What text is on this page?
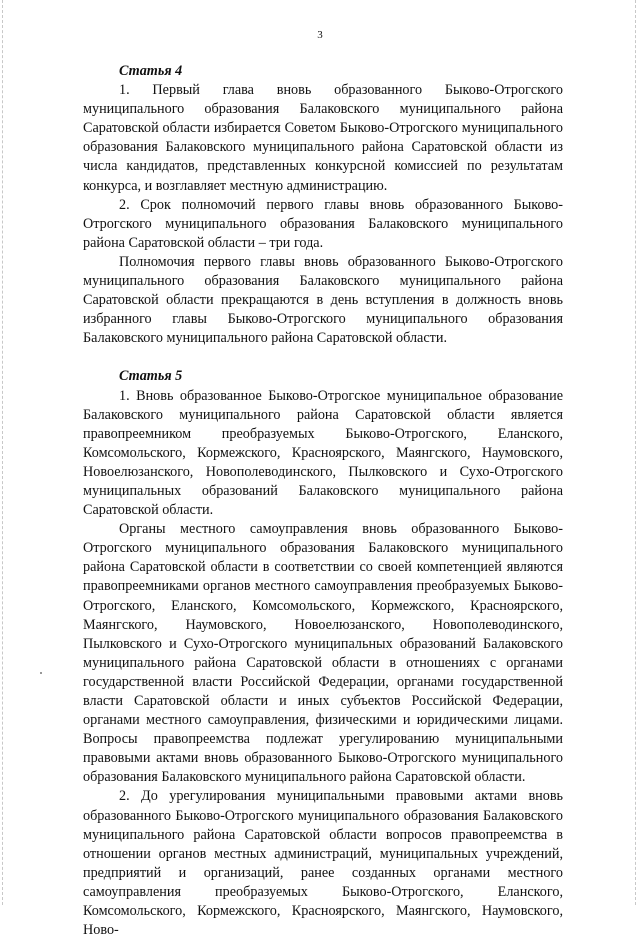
3

Статья 4

1. Первый глава вновь образованного Быково-Отрогского муниципального образования Балаковского муниципального района Саратовской области избирается Советом Быково-Отрогского муниципального образования Балаковского муниципального района Саратовской области из числа кандидатов, представленных конкурсной комиссией по результатам конкурса, и возглавляет местную администрацию.

2. Срок полномочий первого главы вновь образованного Быково-Отрогского муниципального образования Балаковского муниципального района Саратовской области – три года.

Полномочия первого главы вновь образованного Быково-Отрогского муниципального образования Балаковского муниципального района Саратовской области прекращаются в день вступления в должность вновь избранного главы Быково-Отрогского муниципального образования Балаковского муниципального района Саратовской области.

Статья 5

1. Вновь образованное Быково-Отрогское муниципальное образование Балаковского муниципального района Саратовской области является правопреемником преобразуемых Быково-Отрогского, Еланского, Комсомольского, Кормежского, Красноярского, Маянгского, Наумовского, Новоелюзанского, Новополеводинского, Пылковского и Сухо-Отрогского муниципальных образований Балаковского муниципального района Саратовской области.

Органы местного самоуправления вновь образованного Быково-Отрогского муниципального образования Балаковского муниципального района Саратовской области в соответствии со своей компетенцией являются правопреемниками органов местного самоуправления преобразуемых Быково-Отрогского, Еланского, Комсомольского, Кормежского, Красноярского, Маянгского, Наумовского, Новоелюзанского, Новополеводинского, Пылковского и Сухо-Отрогского муниципальных образований Балаковского муниципального района Саратовской области в отношениях с органами государственной власти Российской Федерации, органами государственной власти Саратовской области и иных субъектов Российской Федерации, органами местного самоуправления, физическими и юридическими лицами. Вопросы правопреемства подлежат урегулированию муниципальными правовыми актами вновь образованного Быково-Отрогского муниципального образования Балаковского муниципального района Саратовской области.

2. До урегулирования муниципальными правовыми актами вновь образованного Быково-Отрогского муниципального образования Балаковского муниципального района Саратовской области вопросов правопреемства в отношении органов местных администраций, муниципальных учреждений, предприятий и организаций, ранее созданных органами местного самоуправления преобразуемых Быково-Отрогского, Еланского, Комсомольского, Кормежского, Красноярского, Маянгского, Наумовского, Ново-
